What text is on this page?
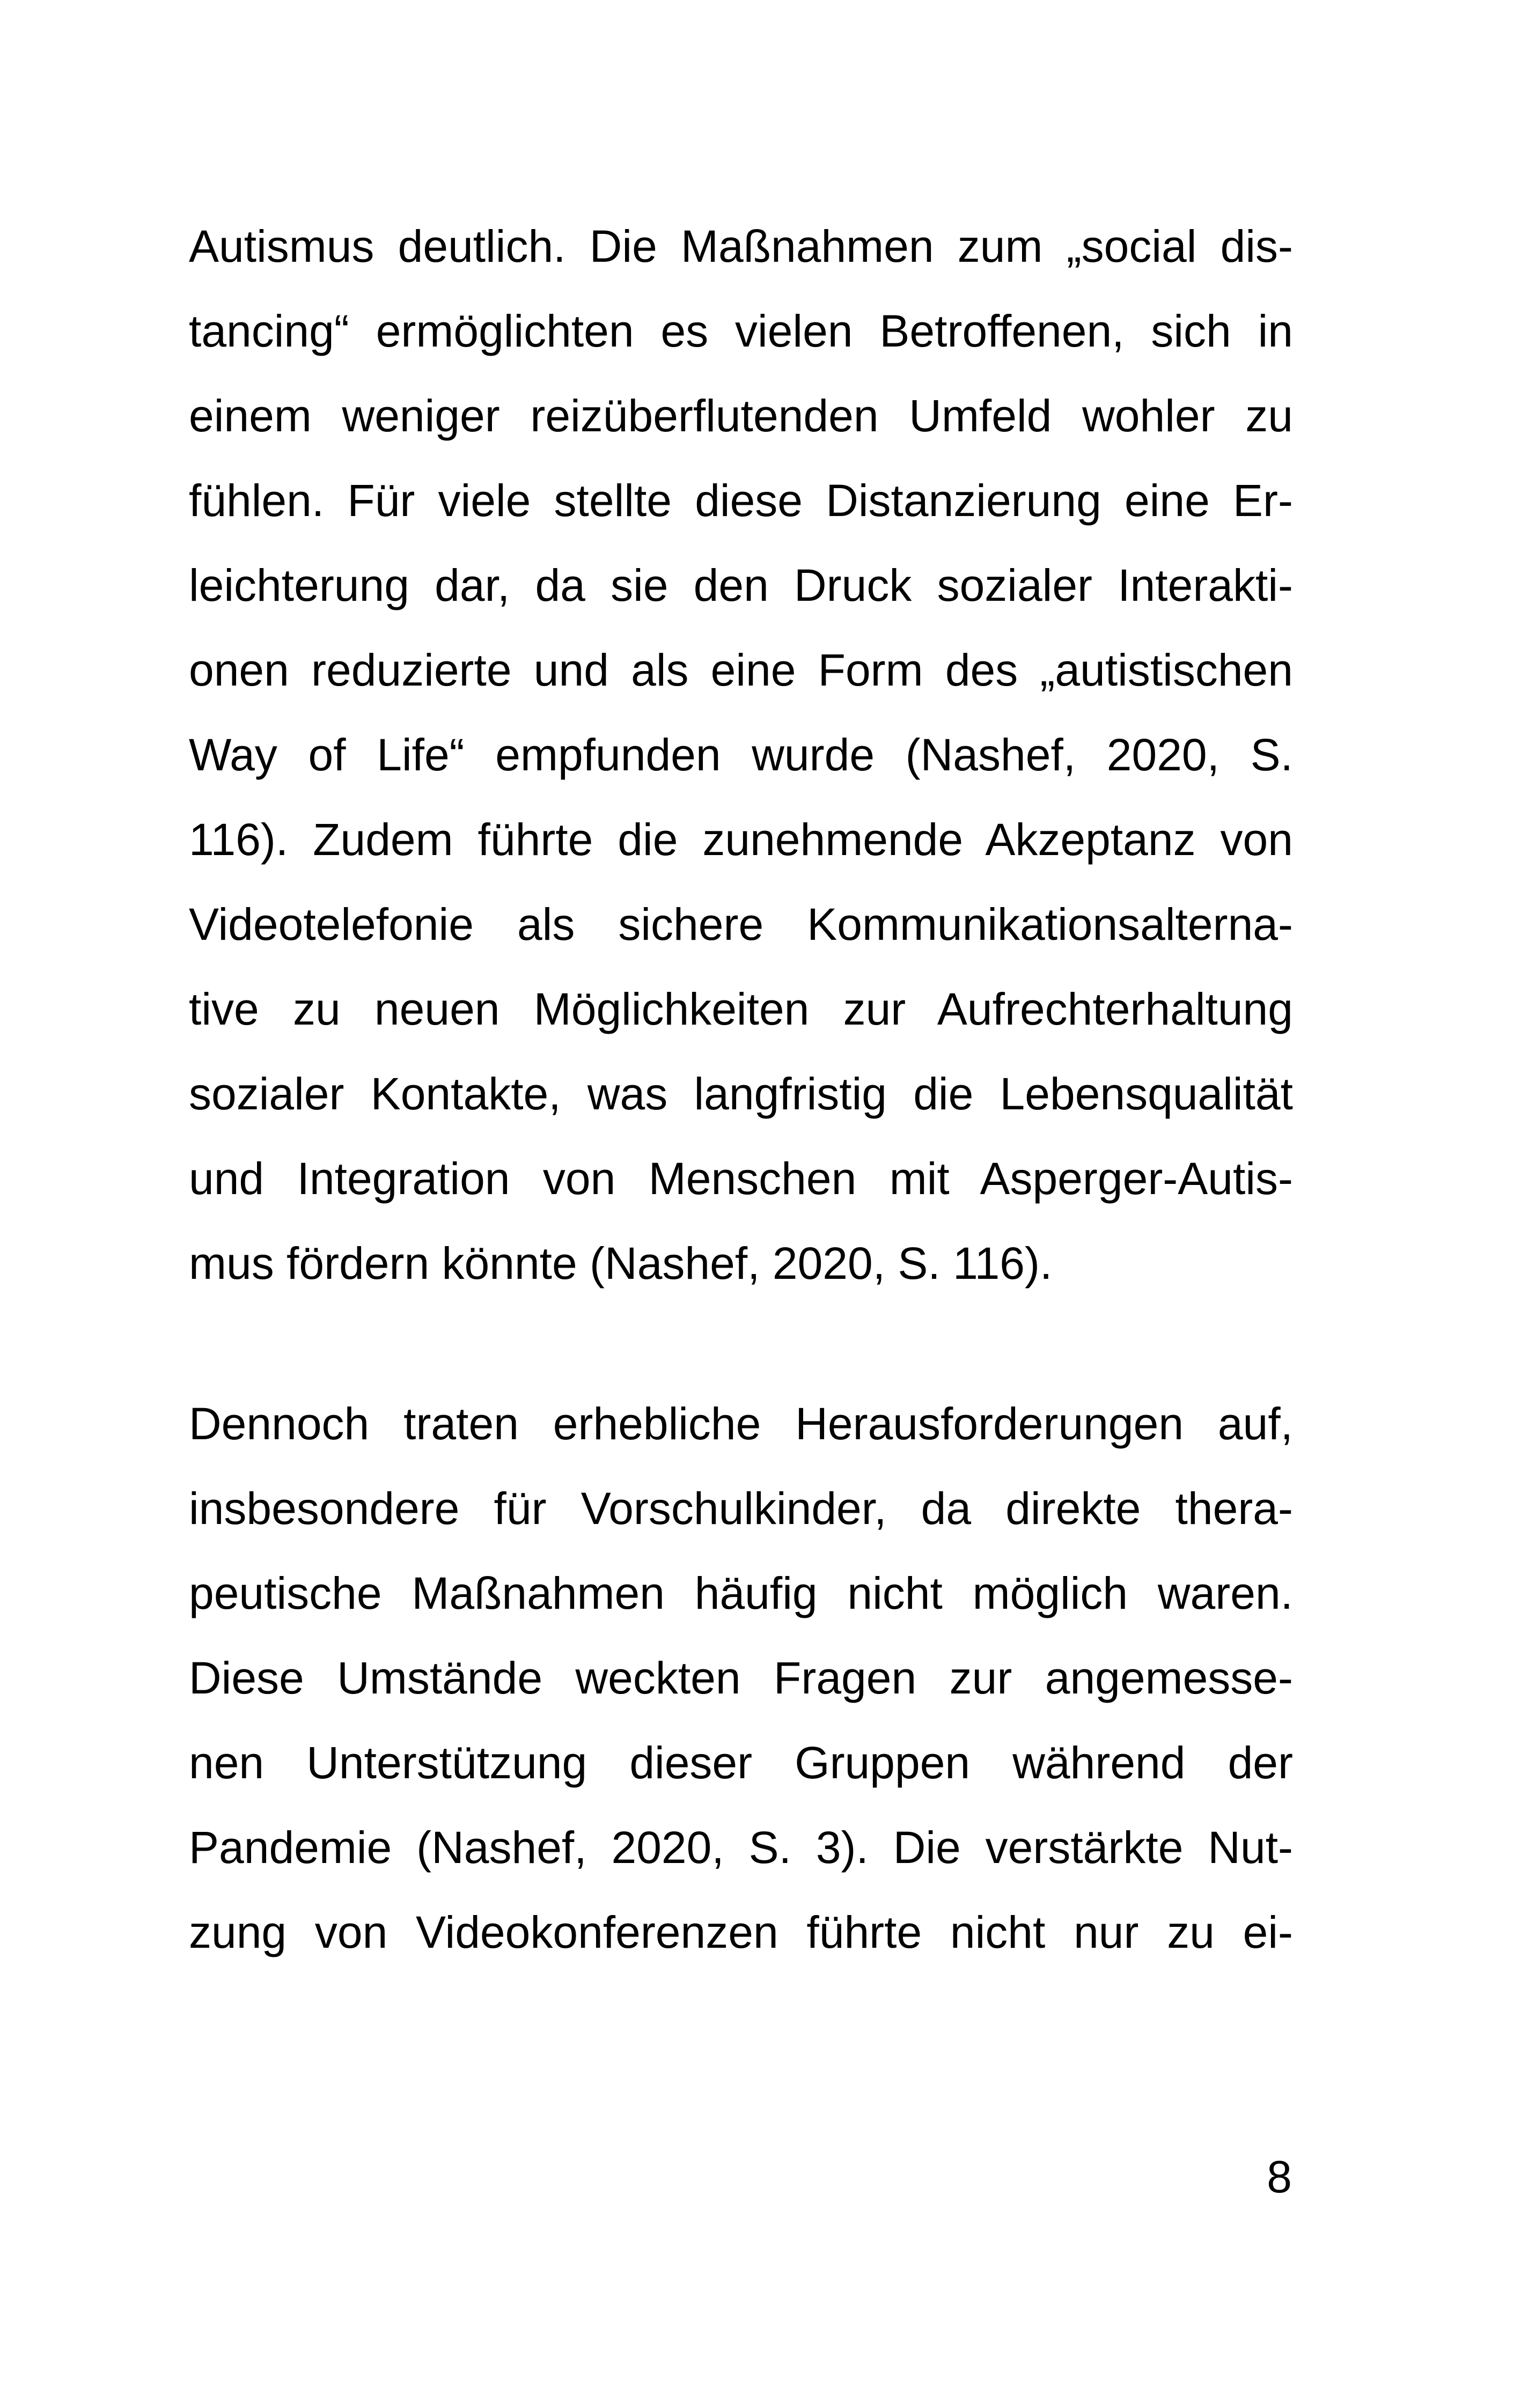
Autismus deutlich. Die Maßnahmen zum „social dis-
tancing“ ermöglichten es vielen Betroffenen, sich in
einem weniger reizüberflutenden Umfeld wohler zu
fühlen. Für viele stellte diese Distanzierung eine Er-
leichterung dar, da sie den Druck sozialer Interakti-
onen reduzierte und als eine Form des „autistischen
Way of Life“ empfunden wurde (Nashef, 2020, S.
116). Zudem führte die zunehmende Akzeptanz von
Videotelefonie als sichere Kommunikationsalterna-
tive zu neuen Möglichkeiten zur Aufrechterhaltung
sozialer Kontakte, was langfristig die Lebensqualität
und Integration von Menschen mit Asperger-Autis-
mus fördern könnte (Nashef, 2020, S. 116).
Dennoch traten erhebliche Herausforderungen auf,
insbesondere für Vorschulkinder, da direkte thera-
peutische Maßnahmen häufig nicht möglich waren.
Diese Umstände weckten Fragen zur angemesse-
nen Unterstützung dieser Gruppen während der
Pandemie (Nashef, 2020, S. 3). Die verstärkte Nut-
zung von Videokonferenzen führte nicht nur zu ei-
8
